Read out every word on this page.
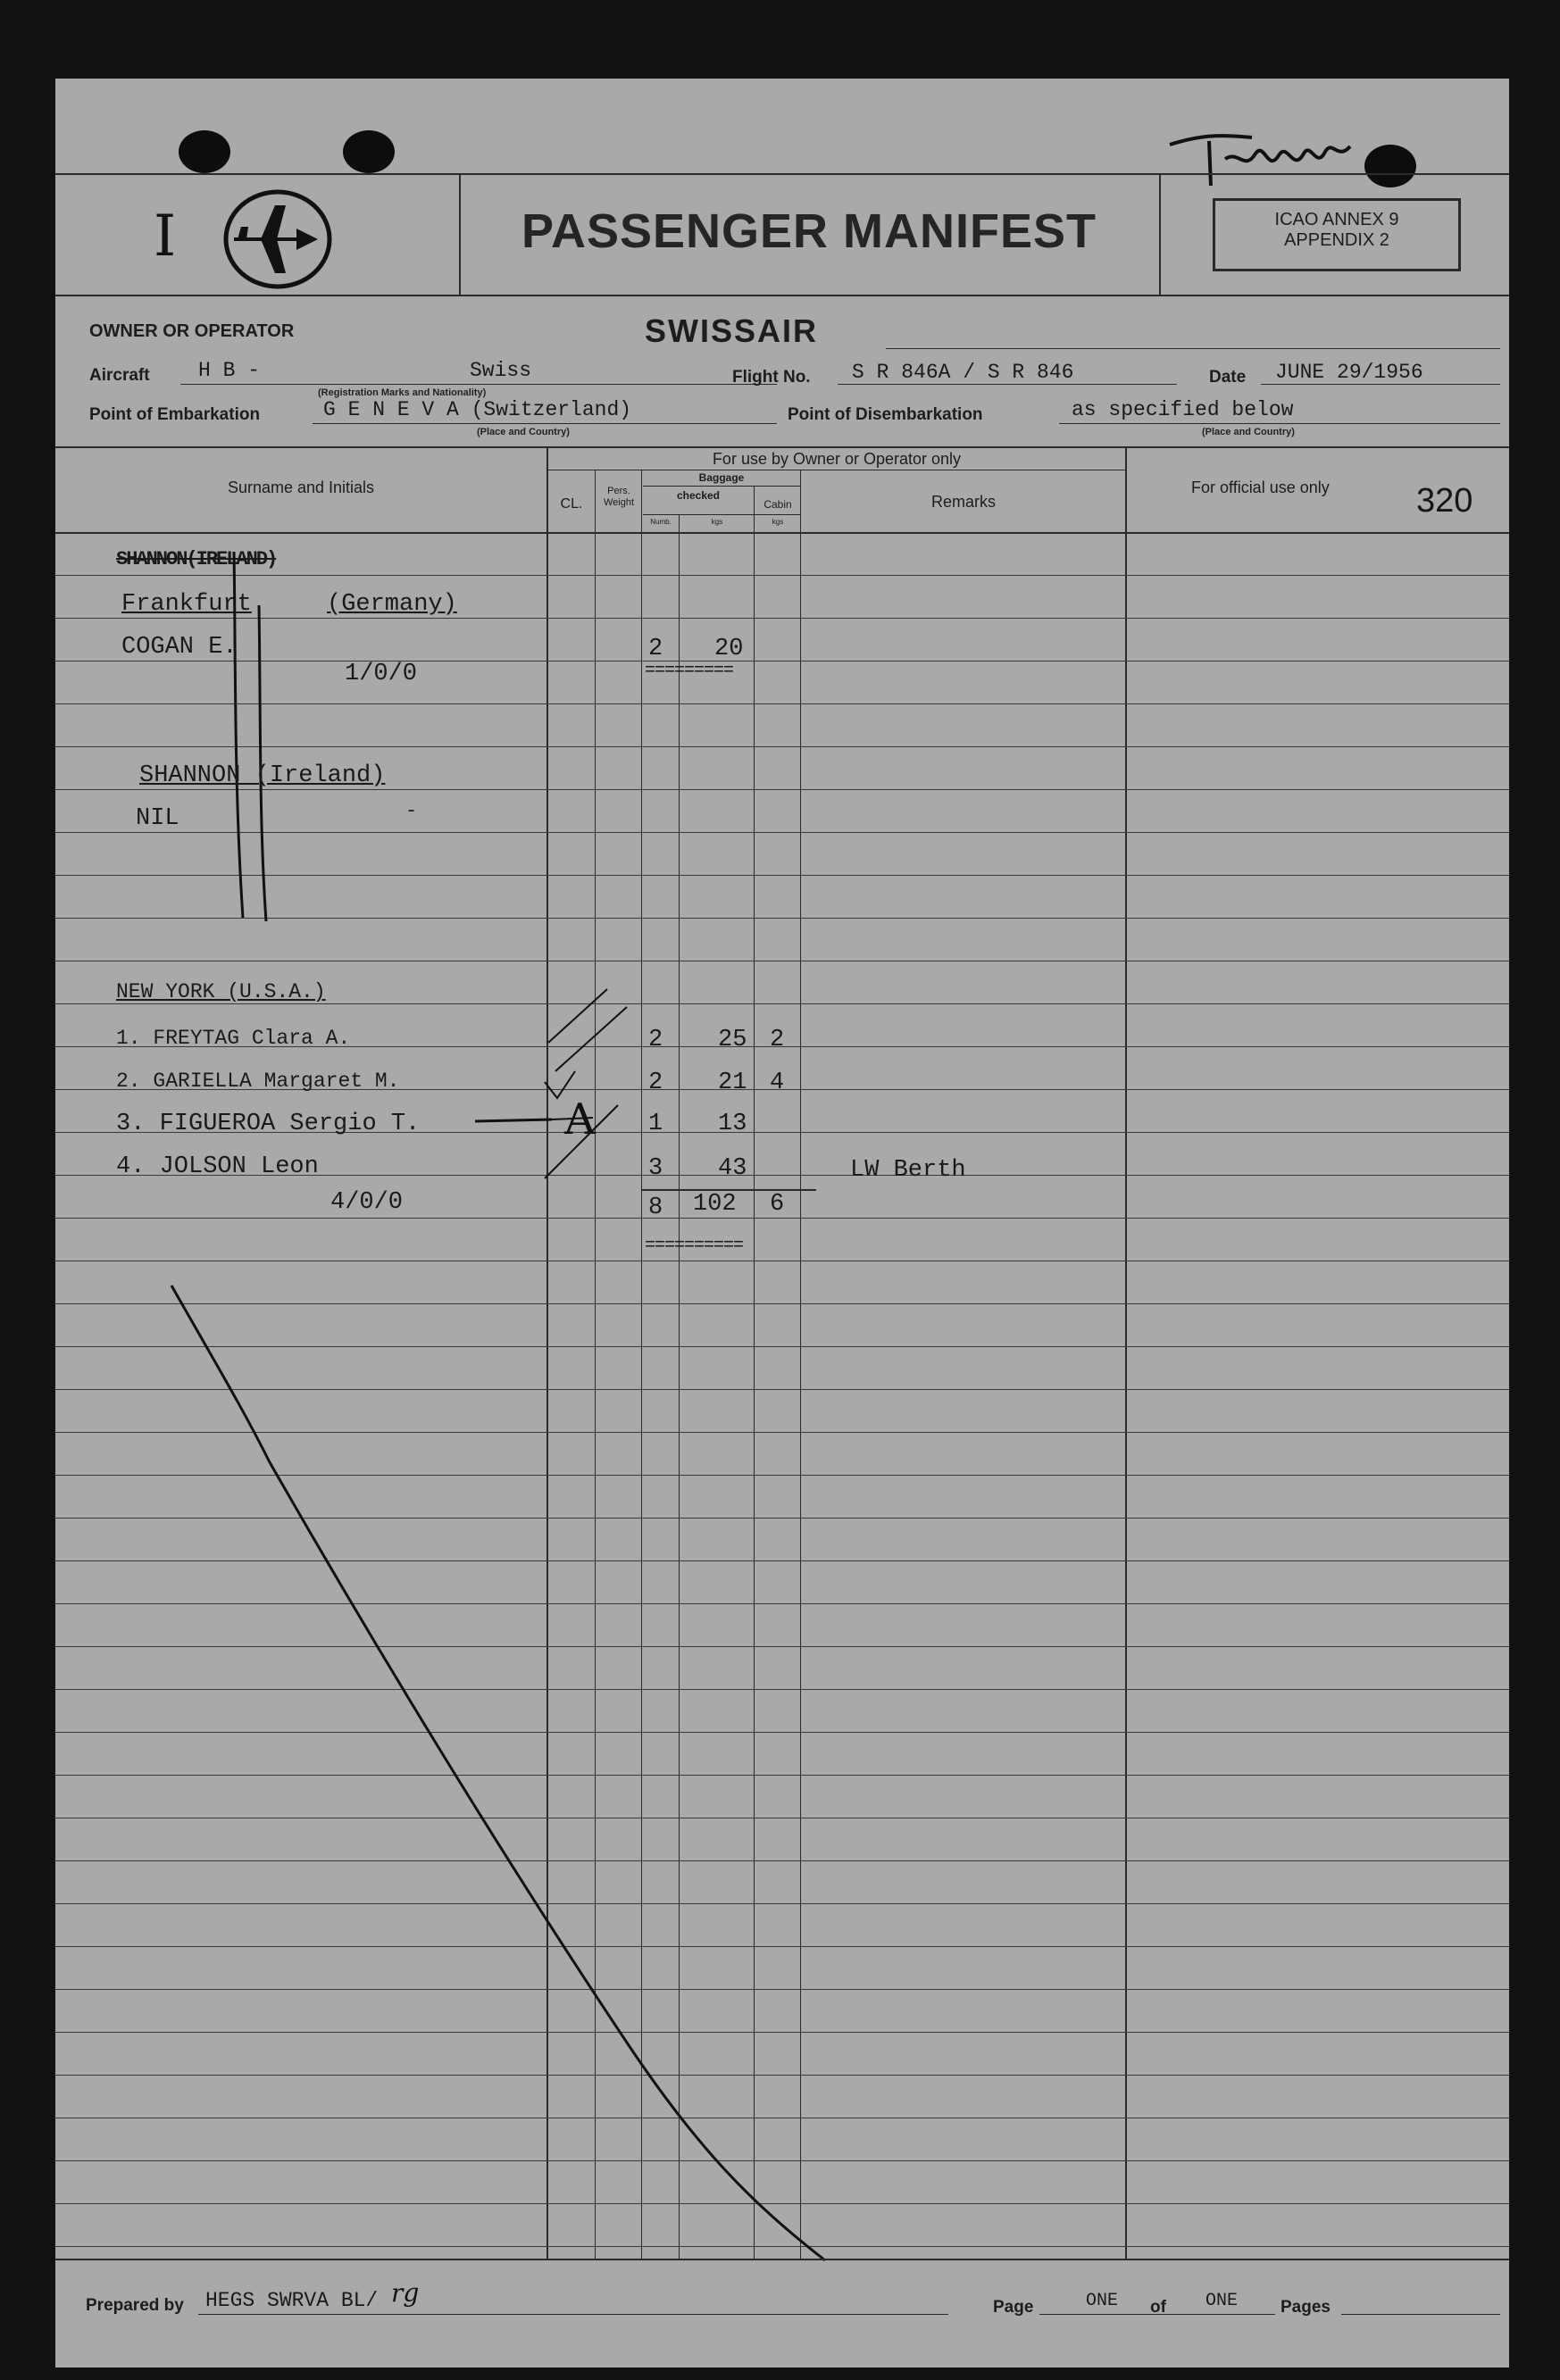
I	PASSENGER MANIFEST	ICAO ANNEX 9
APPENDIX 2
OWNER OR OPERATOR	SWISSAIR
Aircraft H B -	Swiss
(Registration Marks and Nationality)
Flight No. S R 846A / S R 846	Date JUNE 29/1956
Point of Embarkation	G E N E V A (Switzerland)
(Place and Country)
Point of Disembarkation	as specified below
(Place and Country)
Surname and Initials
For use by Owner or Operator only
CL.
Pers.
Weight
Baggage
checked
Cabin
Numb.	kgs	kgs
Remarks
For official use only	320
SHANNON(IRELAND)
Frankfurt	(Germany)
COGAN E.	2 20
1/0/0	=========
SHANNON (Ireland)
NIL	-
NEW YORK (U.S.A.)
1. FREYTAG Clara A.	2 25 2
2. GARIELLA Margaret M.	2 21 4
3. FIGUEROA Sergio T.	1 13
A
4. JOLSON Leon	3 43	LW Berth
4/0/0	8 102 6
==========
Prepared by HEGS SWRVA BL/ rg	Page	ONE of ONE	Pages
